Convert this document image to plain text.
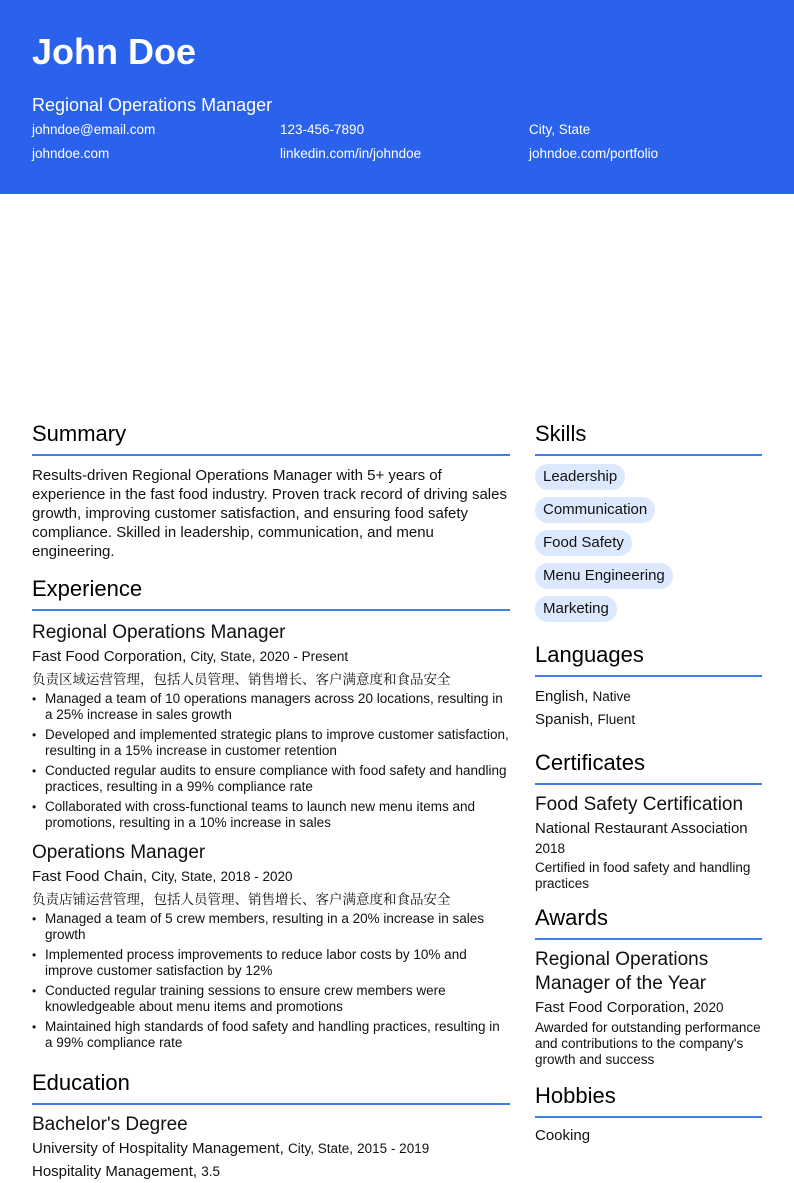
John Doe
Regional Operations Manager
johndoe@email.com	123-456-7890	City, State
johndoe.com	linkedin.com/in/johndoe	johndoe.com/portfolio
Summary

Results-driven Regional Operations Manager with 5+ years of experience in the fast food industry. Proven track record of driving sales growth, improving customer satisfaction, and ensuring food safety compliance. Skilled in leadership, communication, and menu engineering.

Experience
Regional Operations Manager
Fast Food Corporation, City, State, 2020 - Present
负责区域运营管理，包括人员管理、销售增长、客户满意度和食品安全
• Managed a team of 10 operations managers across 20 locations, resulting in a 25% increase in sales growth
• Developed and implemented strategic plans to improve customer satisfaction, resulting in a 15% increase in customer retention
• Conducted regular audits to ensure compliance with food safety and handling practices, resulting in a 99% compliance rate
• Collaborated with cross-functional teams to launch new menu items and promotions, resulting in a 10% increase in sales
Operations Manager
Fast Food Chain, City, State, 2018 - 2020
负责店铺运营管理，包括人员管理、销售增长、客户满意度和食品安全
• Managed a team of 5 crew members, resulting in a 20% increase in sales growth
• Implemented process improvements to reduce labor costs by 10% and improve customer satisfaction by 12%
• Conducted regular training sessions to ensure crew members were knowledgeable about menu items and promotions
• Maintained high standards of food safety and handling practices, resulting in a 99% compliance rate
Education
Bachelor's Degree
University of Hospitality Management, City, State, 2015 - 2019
Hospitality Management, 3.5
Skills
Leadership
Communication
Food Safety
Menu Engineering
Marketing
Languages
English, Native
Spanish, Fluent
Certificates
Food Safety Certification
National Restaurant Association
2018
Certified in food safety and handling practices
Awards
Regional Operations Manager of the Year
Fast Food Corporation, 2020
Awarded for outstanding performance and contributions to the company's growth and success
Hobbies
Cooking
